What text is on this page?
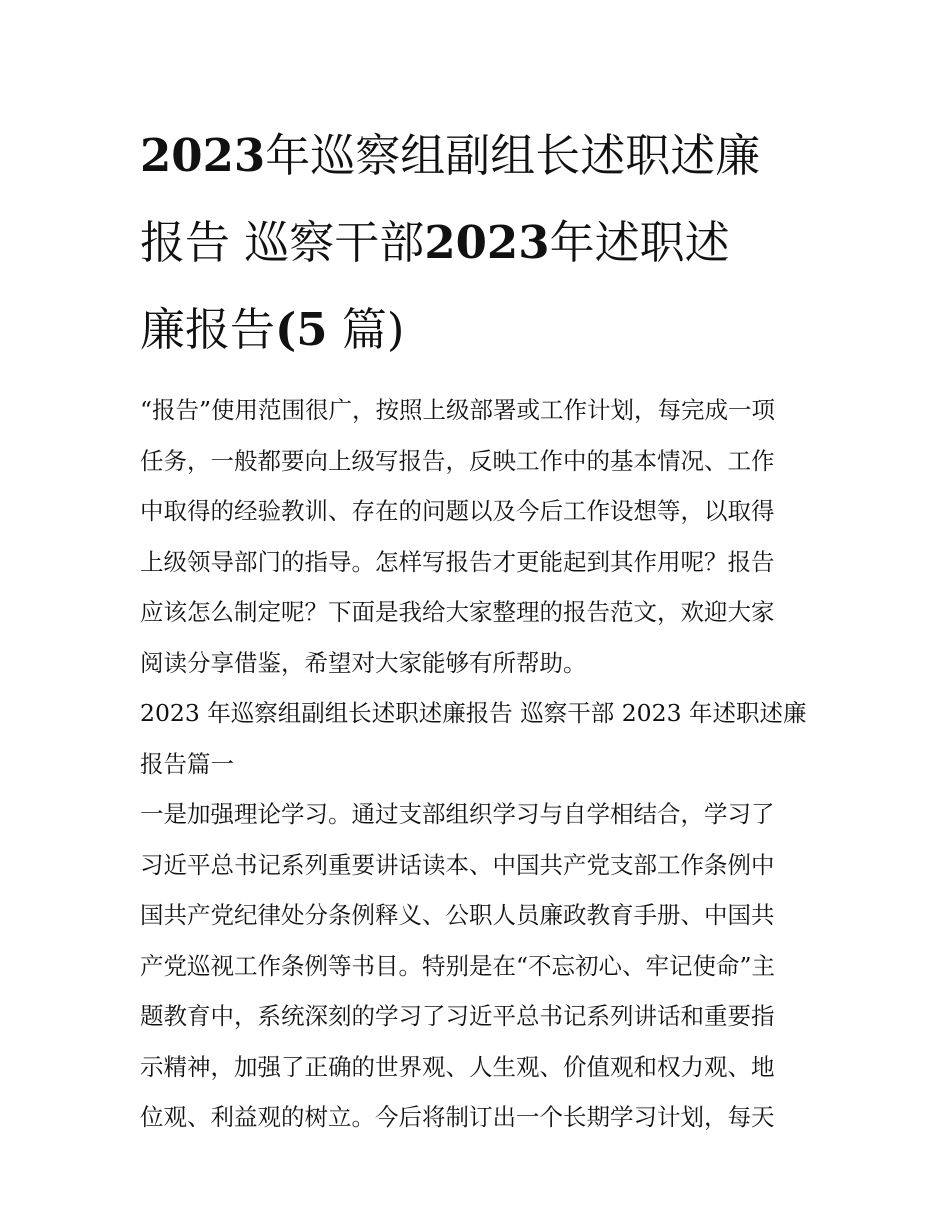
2023年巡察组副组长述职述廉
报告 巡察干部2023年述职述
廉报告(5 篇)

“报告”使用范围很广，按照上级部署或工作计划，每完成一项
任务，一般都要向上级写报告，反映工作中的基本情况、工作
中取得的经验教训、存在的问题以及今后工作设想等，以取得
上级领导部门的指导。怎样写报告才更能起到其作用呢？报告
应该怎么制定呢？下面是我给大家整理的报告范文，欢迎大家
阅读分享借鉴，希望对大家能够有所帮助。

2023 年巡察组副组长述职述廉报告 巡察干部 2023 年述职述廉
报告篇一

一是加强理论学习。通过支部组织学习与自学相结合，学习了
习近平总书记系列重要讲话读本、中国共产党支部工作条例中
国共产党纪律处分条例释义、公职人员廉政教育手册、中国共
产党巡视工作条例等书目。特别是在“不忘初心、牢记使命”主
题教育中，系统深刻的学习了习近平总书记系列讲话和重要指
示精神，加强了正确的世界观、人生观、价值观和权力观、地
位观、利益观的树立。今后将制订出一个长期学习计划，每天
